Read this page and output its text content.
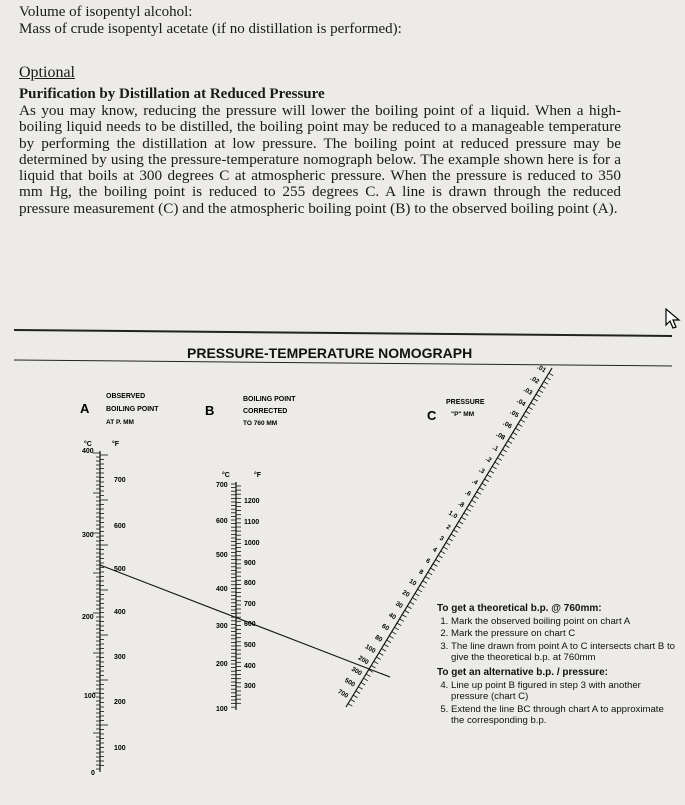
Volume of isopentyl alcohol:
Mass of crude isopentyl acetate (if no distillation is performed):
Optional
Purification by Distillation at Reduced Pressure
As you may know, reducing the pressure will lower the boiling point of a liquid. When a high-boiling liquid needs to be distilled, the boiling point may be reduced to a manageable temperature by performing the distillation at low pressure. The boiling point at reduced pressure may be determined by using the pressure-temperature nomograph below. The example shown here is for a liquid that boils at 300 degrees C at atmospheric pressure. When the pressure is reduced to 350 mm Hg, the boiling point is reduced to 255 degrees C. A line is drawn through the reduced pressure measurement (C) and the atmospheric boiling point (B) to the observed boiling point (A).
PRESSURE-TEMPERATURE NOMOGRAPH
A
OBSERVED
BOILING POINT
AT P. MM
°C	°F
B
BOILING POINT
CORRECTED
TO 760 MM
°C	°F
C
PRESSURE
"P" MM
400
300
200
100
0
700
600
500
400
300
200
100
700
600
500
400
300
200
100
1200
1100
1000
900
800
700
600
500
400
300
.01
.02
.03
.04
.05
.06
.08
.1
.2
.3
.4
.6
.8
1.0
2
3
4
6
8
10
20
30
40
60
80
100
200
300
500
700
To get a theoretical b.p. @ 760mm:
1. Mark the observed boiling point on chart A
2. Mark the pressure on chart C
3. The line drawn from point A to C intersects chart B to give the theoretical b.p. at 760mm
To get an alternative b.p. / pressure:
4. Line up point B figured in step 3 with another pressure (chart C)
5. Extend the line BC through chart A to approximate the corresponding b.p.
